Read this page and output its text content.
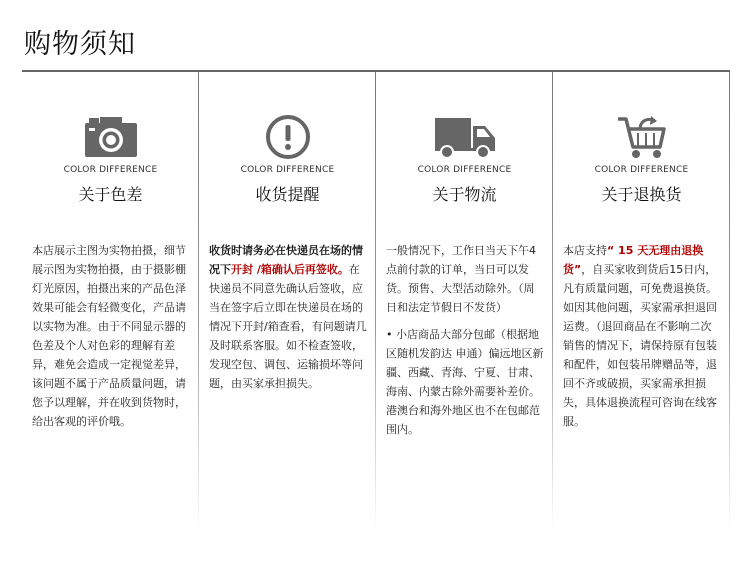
购物须知
COLOR DIFFERENCE
关于色差

本店展示主图为实物拍摄，细节展示图为实物拍摄，由于摄影棚灯光原因，拍摄出来的产品色泽效果可能会有轻微变化，产品请以实物为准。由于不同显示器的色差及个人对色彩的理解有差异，难免会造成一定视觉差异，该问题不属于产品质量问题，请您予以理解，并在收到货物时，给出客观的评价哦。

COLOR DIFFERENCE
收货提醒

收货时请务必在快递员在场的情况下开封 /箱确认后再签收。在快递员不同意先确认后签收，应当在签字后立即在快递员在场的情况下开封/箱查看，有问题请几及时联系客服。如不检查签收，发现空包、调包、运输损坏等问题，由买家承担损失。

COLOR DIFFERENCE
关于物流

一般情况下，工作日当天下午4点前付款的订单，当日可以发货。预售、大型活动除外。（周日和法定节假日不发货）

• 小店商品大部分包邮（根据地区随机发韵达 申通）偏远地区新疆、西藏、青海、宁夏、甘肃、海南、内蒙古除外需要补差价。港澳台和海外地区也不在包邮范围内。

COLOR DIFFERENCE
关于退换货

本店支持“ 15 天无理由退换货”，自买家收到货后15日内，凡有质量问题，可免费退换货。如因其他问题，买家需承担退回运费。（退回商品在不影响二次销售的情况下，请保持原有包装和配件，如包装吊牌赠品等，退回不齐或破损，买家需承担损失，具体退换流程可咨询在线客服。
